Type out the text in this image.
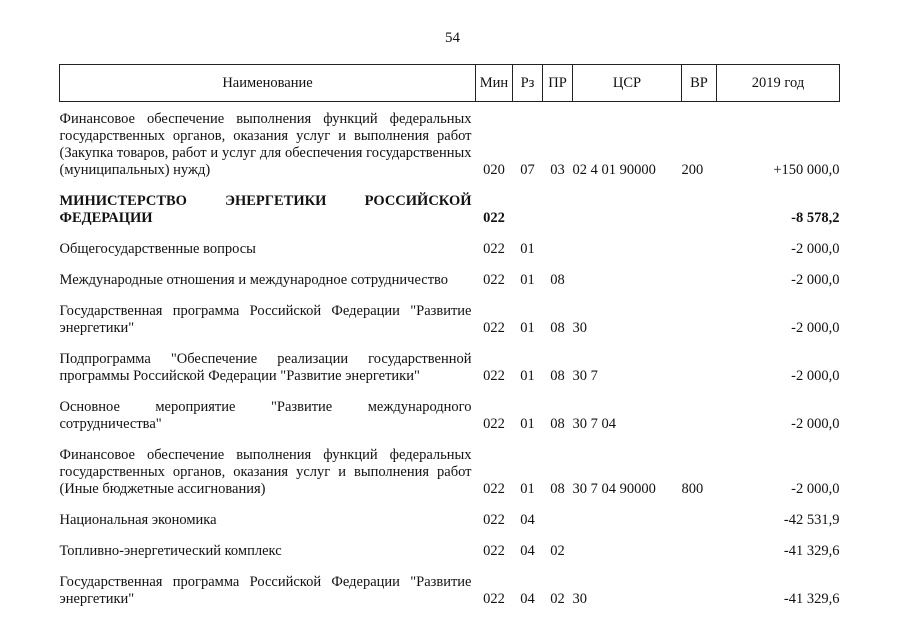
54
Наименование	Мин	Рз	ПР	ЦСР	ВР	2019 год
Финансовое обеспечение выполнения функций федеральных государственных органов, оказания услуг и выполнения работ (Закупка товаров, работ и услуг для обеспечения государственных (муниципальных) нужд)	020	07	03	02 4 01 90000	200	+150 000,0
МИНИСТЕРСТВО ЭНЕРГЕТИКИ РОССИЙСКОЙ ФЕДЕРАЦИИ	022					-8 578,2
Общегосударственные вопросы	022	01				-2 000,0
Международные отношения и международное сотрудничество	022	01	08			-2 000,0
Государственная программа Российской Федерации "Развитие энергетики"	022	01	08	30		-2 000,0
Подпрограмма "Обеспечение реализации государственной программы Российской Федерации "Развитие энергетики"	022	01	08	30 7		-2 000,0
Основное мероприятие "Развитие международного сотрудничества"	022	01	08	30 7 04		-2 000,0
Финансовое обеспечение выполнения функций федеральных государственных органов, оказания услуг и выполнения работ (Иные бюджетные ассигнования)	022	01	08	30 7 04 90000	800	-2 000,0
Национальная экономика	022	04				-42 531,9
Топливно-энергетический комплекс	022	04	02			-41 329,6
Государственная программа Российской Федерации "Развитие энергетики"	022	04	02	30		-41 329,6
